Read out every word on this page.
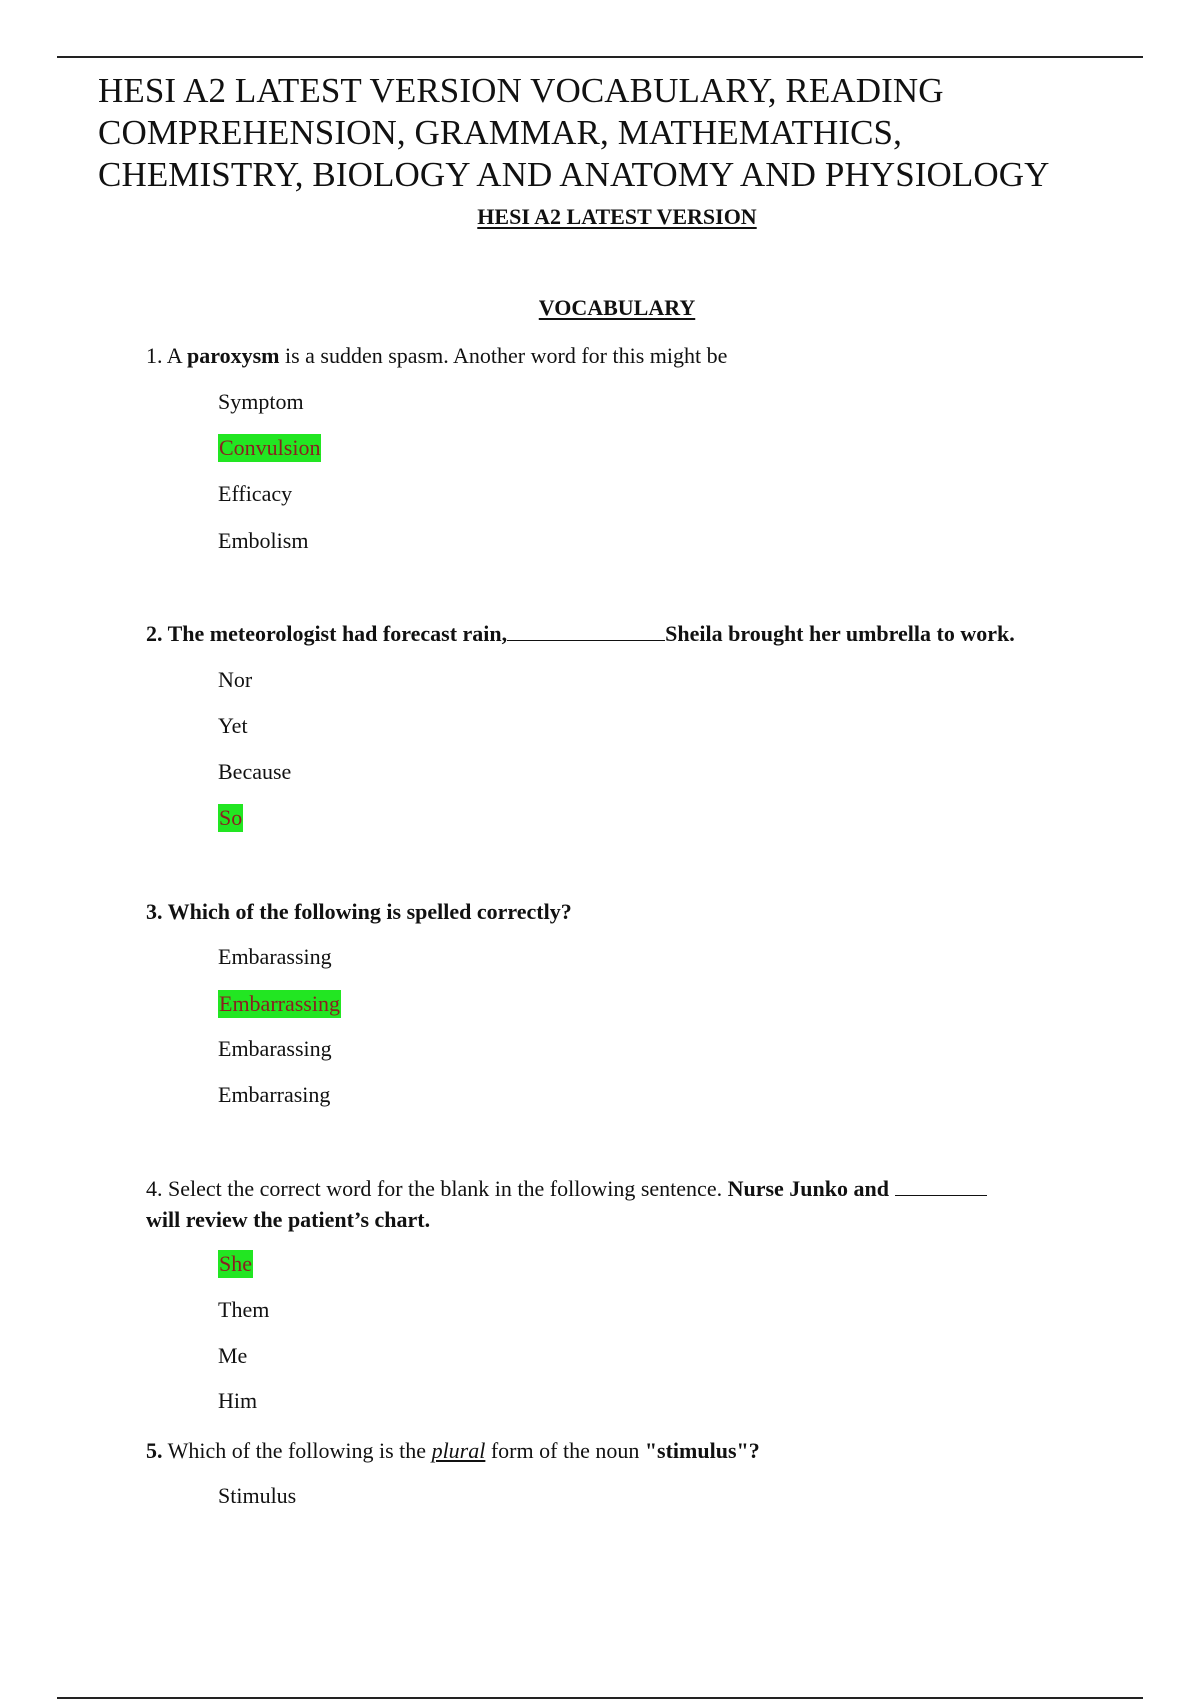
HESI A2 LATEST VERSION VOCABULARY, READING
COMPREHENSION, GRAMMAR, MATHEMATHICS,
CHEMISTRY, BIOLOGY AND ANATOMY AND PHYSIOLOGY
HESI A2 LATEST VERSION
VOCABULARY

1. A paroxysm is a sudden spasm. Another word for this might be

Symptom

Convulsion

Efficacy

Embolism

2. The meteorologist had forecast rain,	Sheila brought her umbrella to work.

Nor

Yet

Because

So

3. Which of the following is spelled correctly?

Embarassing

Embarrassing

Embarassing

Embarrasing

4. Select the correct word for the blank in the following sentence. Nurse Junko and
will review the patient’s chart.

She

Them

Me

Him

5. Which of the following is the plural form of the noun "stimulus"?

Stimulus
